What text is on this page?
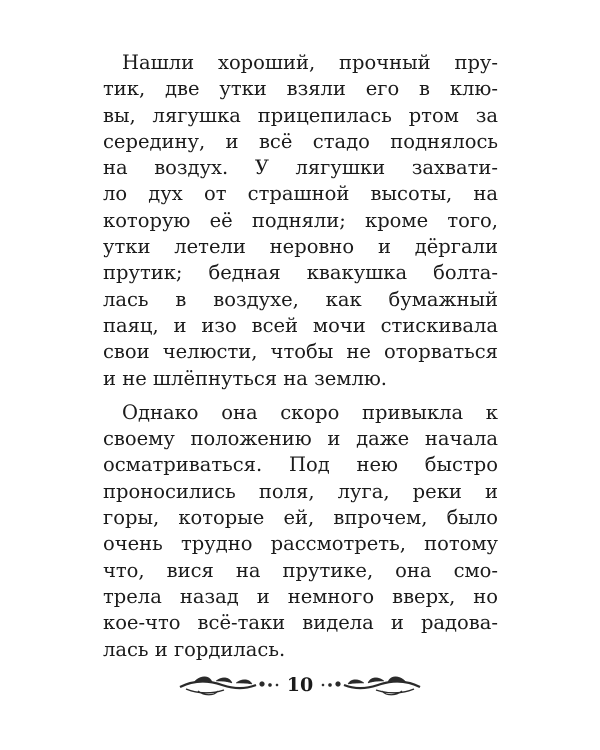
Нашли хороший, прочный пру-
тик, две утки взяли его в клю-
вы, лягушка прицепилась ртом за
середину, и всё стадо поднялось
на воздух. У лягушки захвати-
ло дух от страшной высоты, на
которую её подняли; кроме того,
утки летели неровно и дёргали
прутик; бедная квакушка болта-
лась в воздухе, как бумажный
паяц, и изо всей мочи стискивала
свои челюсти, чтобы не оторваться
и не шлёпнуться на землю.
Однако она скоро привыкла к
своему положению и даже начала
осматриваться. Под нею быстро
проносились поля, луга, реки и
горы, которые ей, впрочем, было
очень трудно рассмотреть, потому
что, вися на прутике, она смо-
трела назад и немного вверх, но
кое-что всё-таки видела и радова-
лась и гордилась.
10
